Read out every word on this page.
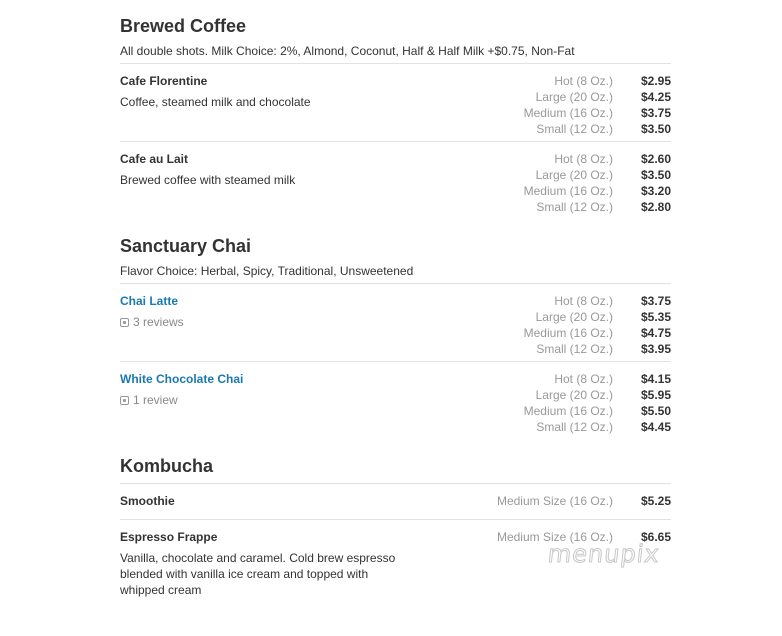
Brewed Coffee
All double shots. Milk Choice: 2%, Almond, Coconut, Half & Half Milk +$0.75, Non-Fat
Cafe Florentine
Coffee, steamed milk and chocolate
Hot (8 Oz.)	$2.95
Large (20 Oz.)	$4.25
Medium (16 Oz.)	$3.75
Small (12 Oz.)	$3.50
Cafe au Lait
Brewed coffee with steamed milk
Hot (8 Oz.)	$2.60
Large (20 Oz.)	$3.50
Medium (16 Oz.)	$3.20
Small (12 Oz.)	$2.80
Sanctuary Chai
Flavor Choice: Herbal, Spicy, Traditional, Unsweetened
Chai Latte
3 reviews
Hot (8 Oz.)	$3.75
Large (20 Oz.)	$5.35
Medium (16 Oz.)	$4.75
Small (12 Oz.)	$3.95
White Chocolate Chai
1 review
Hot (8 Oz.)	$4.15
Large (20 Oz.)	$5.95
Medium (16 Oz.)	$5.50
Small (12 Oz.)	$4.45
Kombucha
Smoothie	Medium Size (16 Oz.)	$5.25
Espresso Frappe
Vanilla, chocolate and caramel. Cold brew espresso blended with vanilla ice cream and topped with whipped cream
Medium Size (16 Oz.)	$6.65
menupix
